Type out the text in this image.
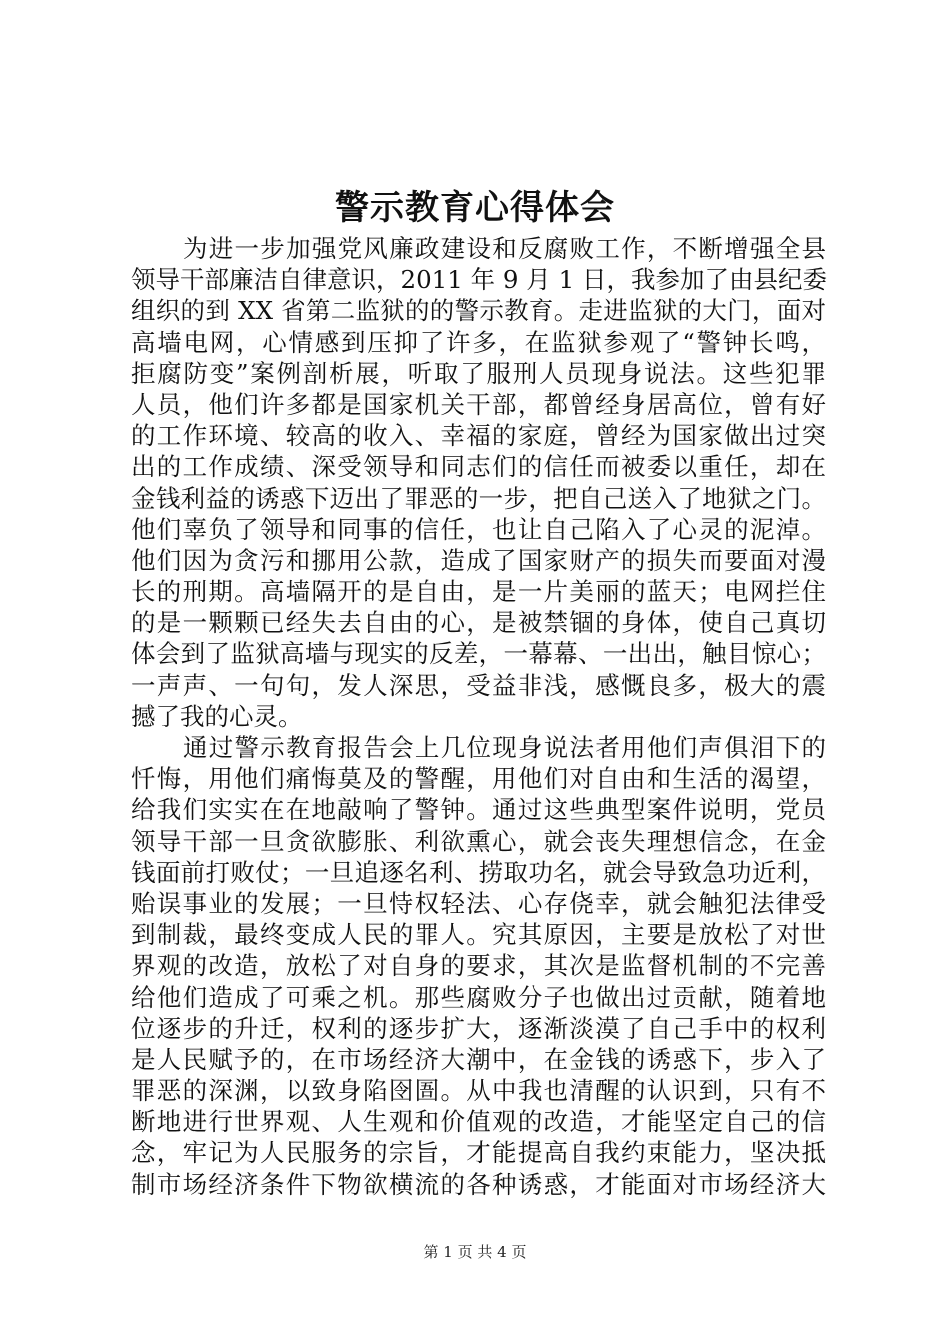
警示教育心得体会
为进一步加强党风廉政建设和反腐败工作，不断增强全县
领导干部廉洁自律意识，2011 年 9 月 1 日，我参加了由县纪委
组织的到 XX 省第二监狱的的警示教育。走进监狱的大门，面对
高墙电网，心情感到压抑了许多，在监狱参观了“警钟长鸣，
拒腐防变”案例剖析展，听取了服刑人员现身说法。这些犯罪
人员，他们许多都是国家机关干部，都曾经身居高位，曾有好
的工作环境、较高的收入、幸福的家庭，曾经为国家做出过突
出的工作成绩、深受领导和同志们的信任而被委以重任，却在
金钱利益的诱惑下迈出了罪恶的一步，把自己送入了地狱之门。
他们辜负了领导和同事的信任，也让自己陷入了心灵的泥淖。
他们因为贪污和挪用公款，造成了国家财产的损失而要面对漫
长的刑期。高墙隔开的是自由，是一片美丽的蓝天；电网拦住
的是一颗颗已经失去自由的心，是被禁锢的身体，使自己真切
体会到了监狱高墙与现实的反差，一幕幕、一出出，触目惊心；
一声声、一句句，发人深思，受益非浅，感慨良多，极大的震
撼了我的心灵。
通过警示教育报告会上几位现身说法者用他们声俱泪下的
忏悔，用他们痛悔莫及的警醒，用他们对自由和生活的渴望，
给我们实实在在地敲响了警钟。通过这些典型案件说明，党员
领导干部一旦贪欲膨胀、利欲熏心，就会丧失理想信念，在金
钱面前打败仗；一旦追逐名利、捞取功名，就会导致急功近利，
贻误事业的发展；一旦恃权轻法、心存侥幸，就会触犯法律受
到制裁，最终变成人民的罪人。究其原因，主要是放松了对世
界观的改造，放松了对自身的要求，其次是监督机制的不完善
给他们造成了可乘之机。那些腐败分子也做出过贡献，随着地
位逐步的升迁，权利的逐步扩大，逐渐淡漠了自己手中的权利
是人民赋予的，在市场经济大潮中，在金钱的诱惑下，步入了
罪恶的深渊，以致身陷囹圄。从中我也清醒的认识到，只有不
断地进行世界观、人生观和价值观的改造，才能坚定自己的信
念，牢记为人民服务的宗旨，才能提高自我约束能力，坚决抵
制市场经济条件下物欲横流的各种诱惑，才能面对市场经济大
第 1 页 共 4 页
